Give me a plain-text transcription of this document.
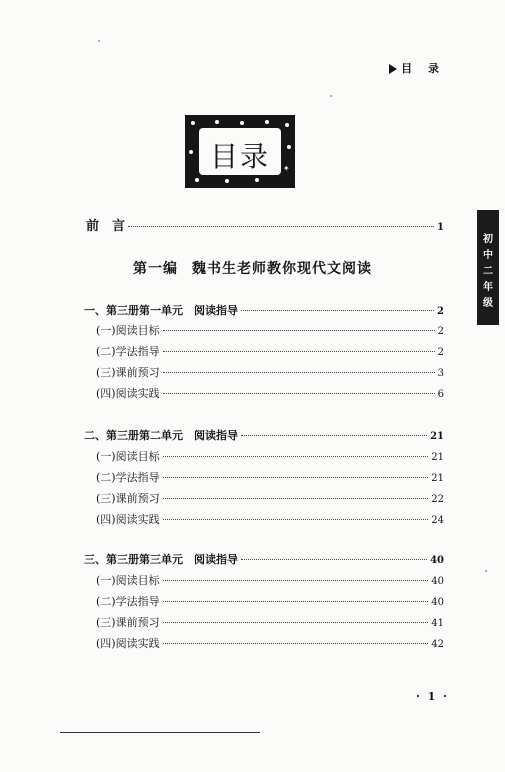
目 录
✦
目录
初
中
二
年
级
前　言	1
第一编 魏书生老师教你现代文阅读
一、第三册第一单元　阅读指导	2
(一)阅读目标	2
(二)学法指导	2
(三)课前预习	3
(四)阅读实践	6
二、第三册第二单元　阅读指导	21
(一)阅读目标	21
(二)学法指导	21
(三)课前预习	22
(四)阅读实践	24
三、第三册第三单元　阅读指导	40
(一)阅读目标	40
(二)学法指导	40
(三)课前预习	41
(四)阅读实践	42
· 1 ·
